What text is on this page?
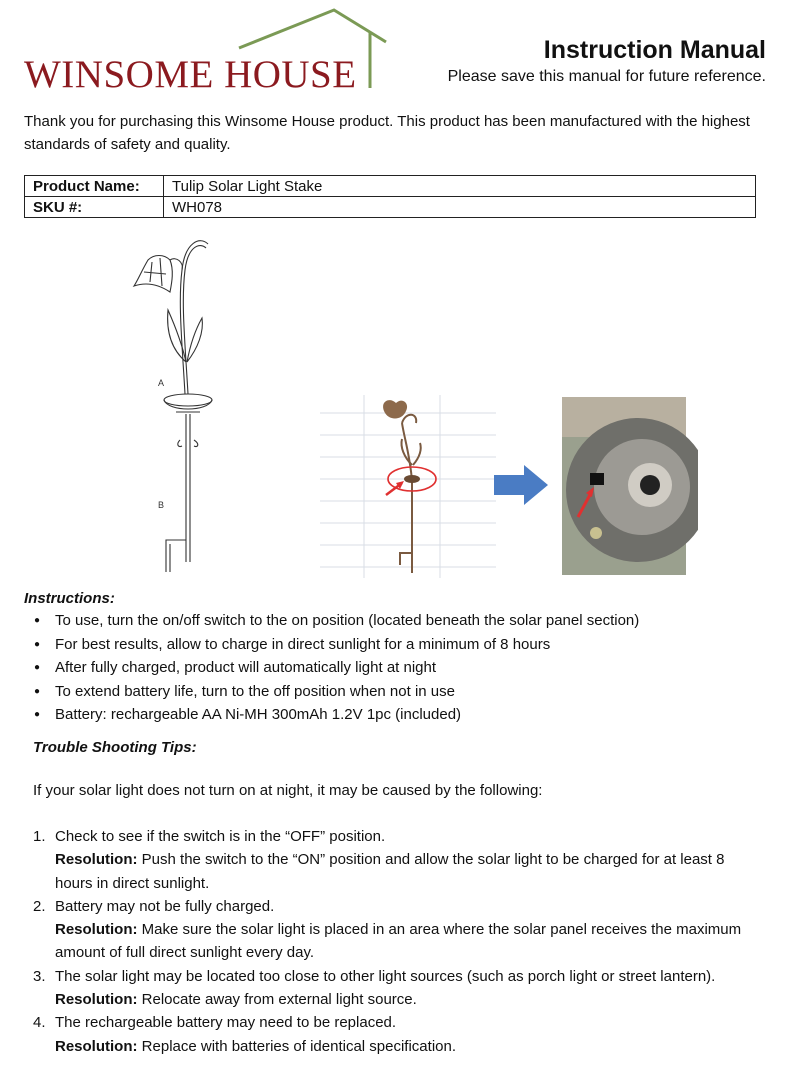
WINSOME HOUSE
Instruction Manual
Please save this manual for future reference.
Thank you for purchasing this Winsome House product. This product has been manufactured with the highest standards of safety and quality.
Product Name:	Tulip Solar Light Stake
SKU #:	WH078
A
B
Instructions:
● To use, turn the on/off switch to the on position (located beneath the solar panel section)
● For best results, allow to charge in direct sunlight for a minimum of 8 hours
● After fully charged, product will automatically light at night
● To extend battery life, turn to the off position when not in use
● Battery: rechargeable AA Ni-MH 300mAh 1.2V 1pc (included)
Trouble Shooting Tips:
If your solar light does not turn on at night, it may be caused by the following:
1. Check to see if the switch is in the “OFF” position.
Resolution: Push the switch to the “ON” position and allow the solar light to be charged for at least 8 hours in direct sunlight.
2. Battery may not be fully charged.
Resolution: Make sure the solar light is placed in an area where the solar panel receives the maximum amount of full direct sunlight every day.
3. The solar light may be located too close to other light sources (such as porch light or street lantern).
Resolution: Relocate away from external light source.
4. The rechargeable battery may need to be replaced.
Resolution: Replace with batteries of identical specification.
